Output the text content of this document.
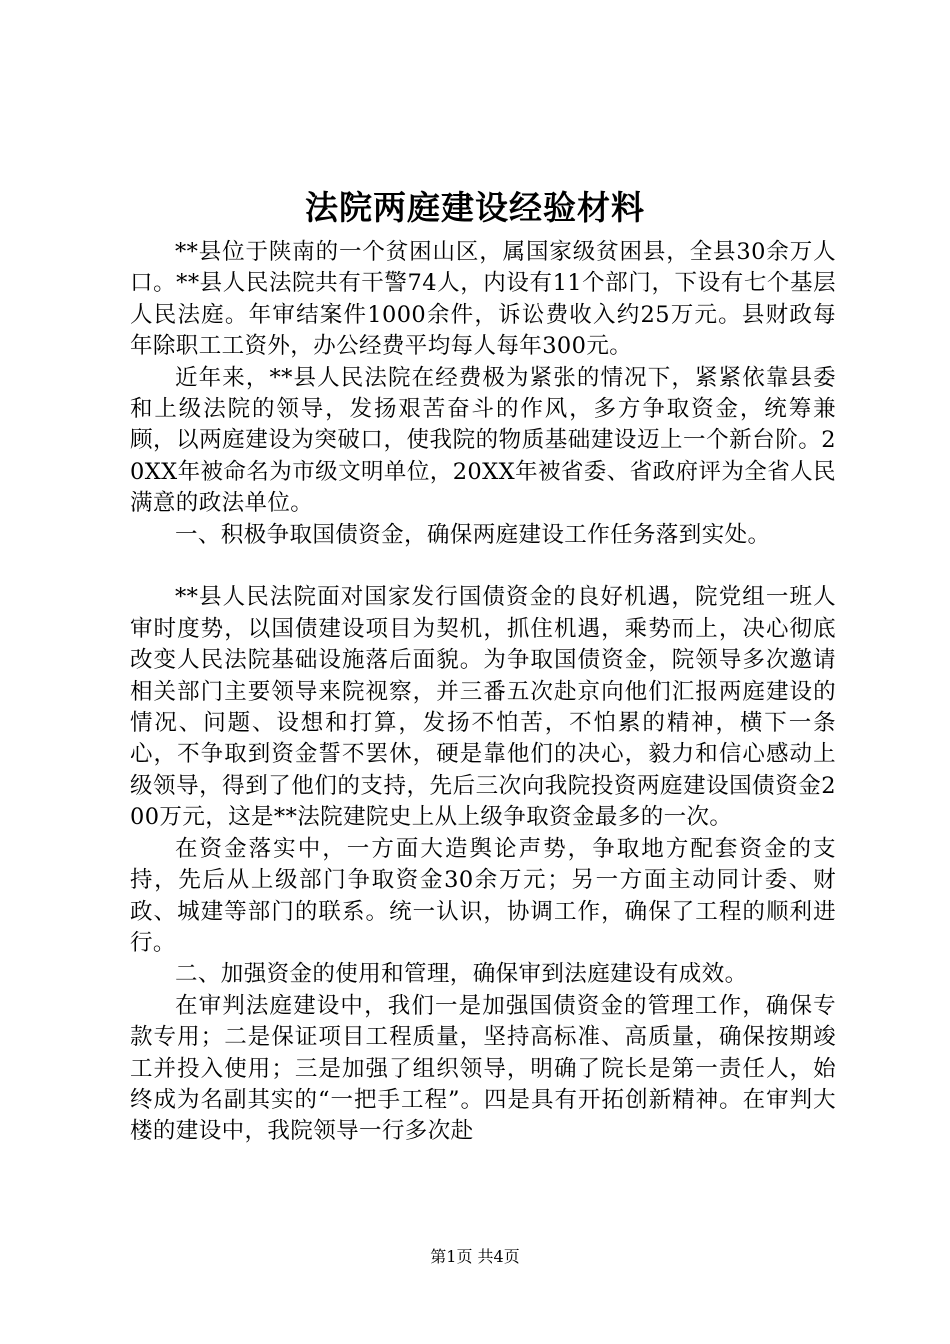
法院两庭建设经验材料

**县位于陕南的一个贫困山区，属国家级贫困县，全县30余万人口。**县人民法院共有干警74人，内设有11个部门，下设有七个基层人民法庭。年审结案件1000余件，诉讼费收入约25万元。县财政每年除职工工资外，办公经费平均每人每年300元。

近年来，**县人民法院在经费极为紧张的情况下，紧紧依靠县委和上级法院的领导，发扬艰苦奋斗的作风，多方争取资金，统筹兼顾，以两庭建设为突破口，使我院的物质基础建设迈上一个新台阶。20XX年被命名为市级文明单位，20XX年被省委、省政府评为全省人民满意的政法单位。

一、积极争取国债资金，确保两庭建设工作任务落到实处。

**县人民法院面对国家发行国债资金的良好机遇，院党组一班人审时度势，以国债建设项目为契机，抓住机遇，乘势而上，决心彻底改变人民法院基础设施落后面貌。为争取国债资金，院领导多次邀请相关部门主要领导来院视察，并三番五次赴京向他们汇报两庭建设的情况、问题、设想和打算，发扬不怕苦，不怕累的精神，横下一条心，不争取到资金誓不罢休，硬是靠他们的决心，毅力和信心感动上级领导，得到了他们的支持，先后三次向我院投资两庭建设国债资金200万元，这是**法院建院史上从上级争取资金最多的一次。

在资金落实中，一方面大造舆论声势，争取地方配套资金的支持，先后从上级部门争取资金30余万元；另一方面主动同计委、财政、城建等部门的联系。统一认识，协调工作，确保了工程的顺利进行。

二、加强资金的使用和管理，确保审到法庭建设有成效。

在审判法庭建设中，我们一是加强国债资金的管理工作，确保专款专用；二是保证项目工程质量，坚持高标准、高质量，确保按期竣工并投入使用；三是加强了组织领导，明确了院长是第一责任人，始终成为名副其实的“一把手工程”。四是具有开拓创新精神。在审判大楼的建设中，我院领导一行多次赴

第1页 共4页
